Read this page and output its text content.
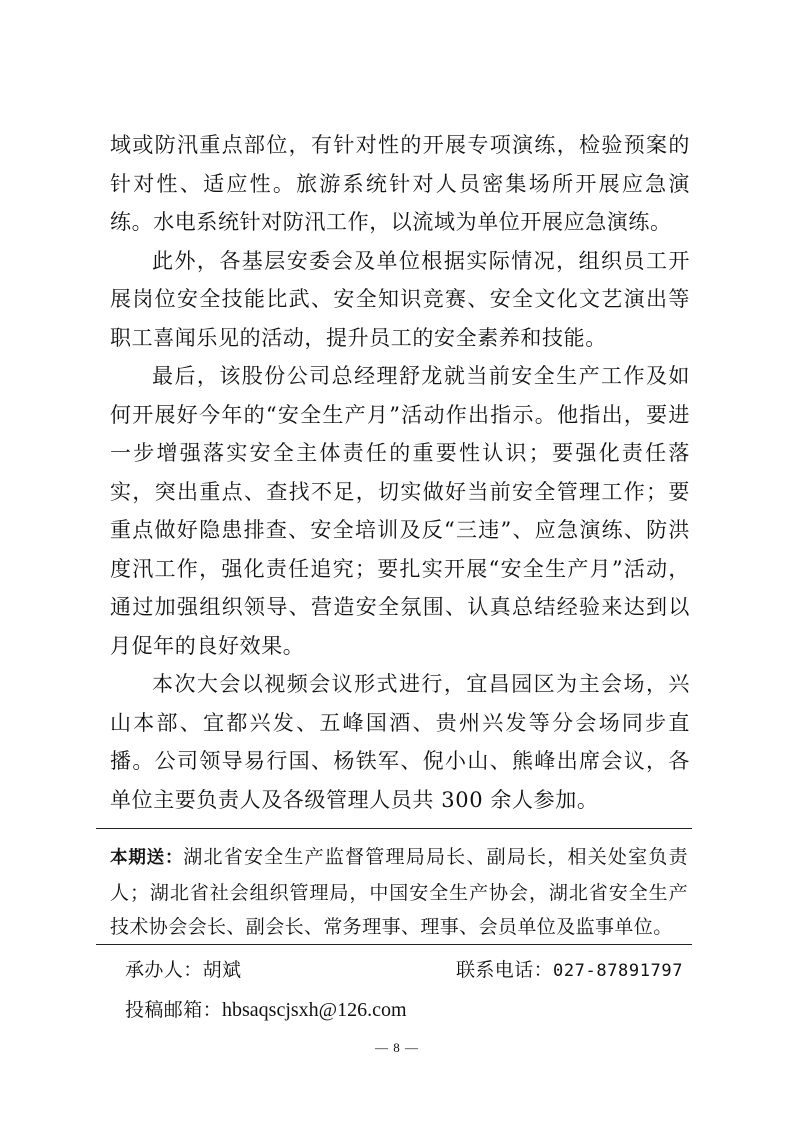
域或防汛重点部位，有针对性的开展专项演练，检验预案的针对性、适应性。旅游系统针对人员密集场所开展应急演练。水电系统针对防汛工作，以流域为单位开展应急演练。

此外，各基层安委会及单位根据实际情况，组织员工开展岗位安全技能比武、安全知识竞赛、安全文化文艺演出等职工喜闻乐见的活动，提升员工的安全素养和技能。

最后，该股份公司总经理舒龙就当前安全生产工作及如何开展好今年的“安全生产月”活动作出指示。他指出，要进一步增强落实安全主体责任的重要性认识；要强化责任落实，突出重点、查找不足，切实做好当前安全管理工作；要重点做好隐患排查、安全培训及反“三违”、应急演练、防洪度汛工作，强化责任追究；要扎实开展“安全生产月”活动，通过加强组织领导、营造安全氛围、认真总结经验来达到以月促年的良好效果。

本次大会以视频会议形式进行，宜昌园区为主会场，兴山本部、宜都兴发、五峰国酒、贵州兴发等分会场同步直播。公司领导易行国、杨铁军、倪小山、熊峰出席会议，各单位主要负责人及各级管理人员共 300 余人参加。

本期送：湖北省安全生产监督管理局局长、副局长，相关处室负责人；湖北省社会组织管理局，中国安全生产协会，湖北省安全生产技术协会会长、副会长、常务理事、理事、会员单位及监事单位。
承办人：胡斌	联系电话：027-87891797
投稿邮箱：hbsaqscjsxh@126.com
— 8 —
